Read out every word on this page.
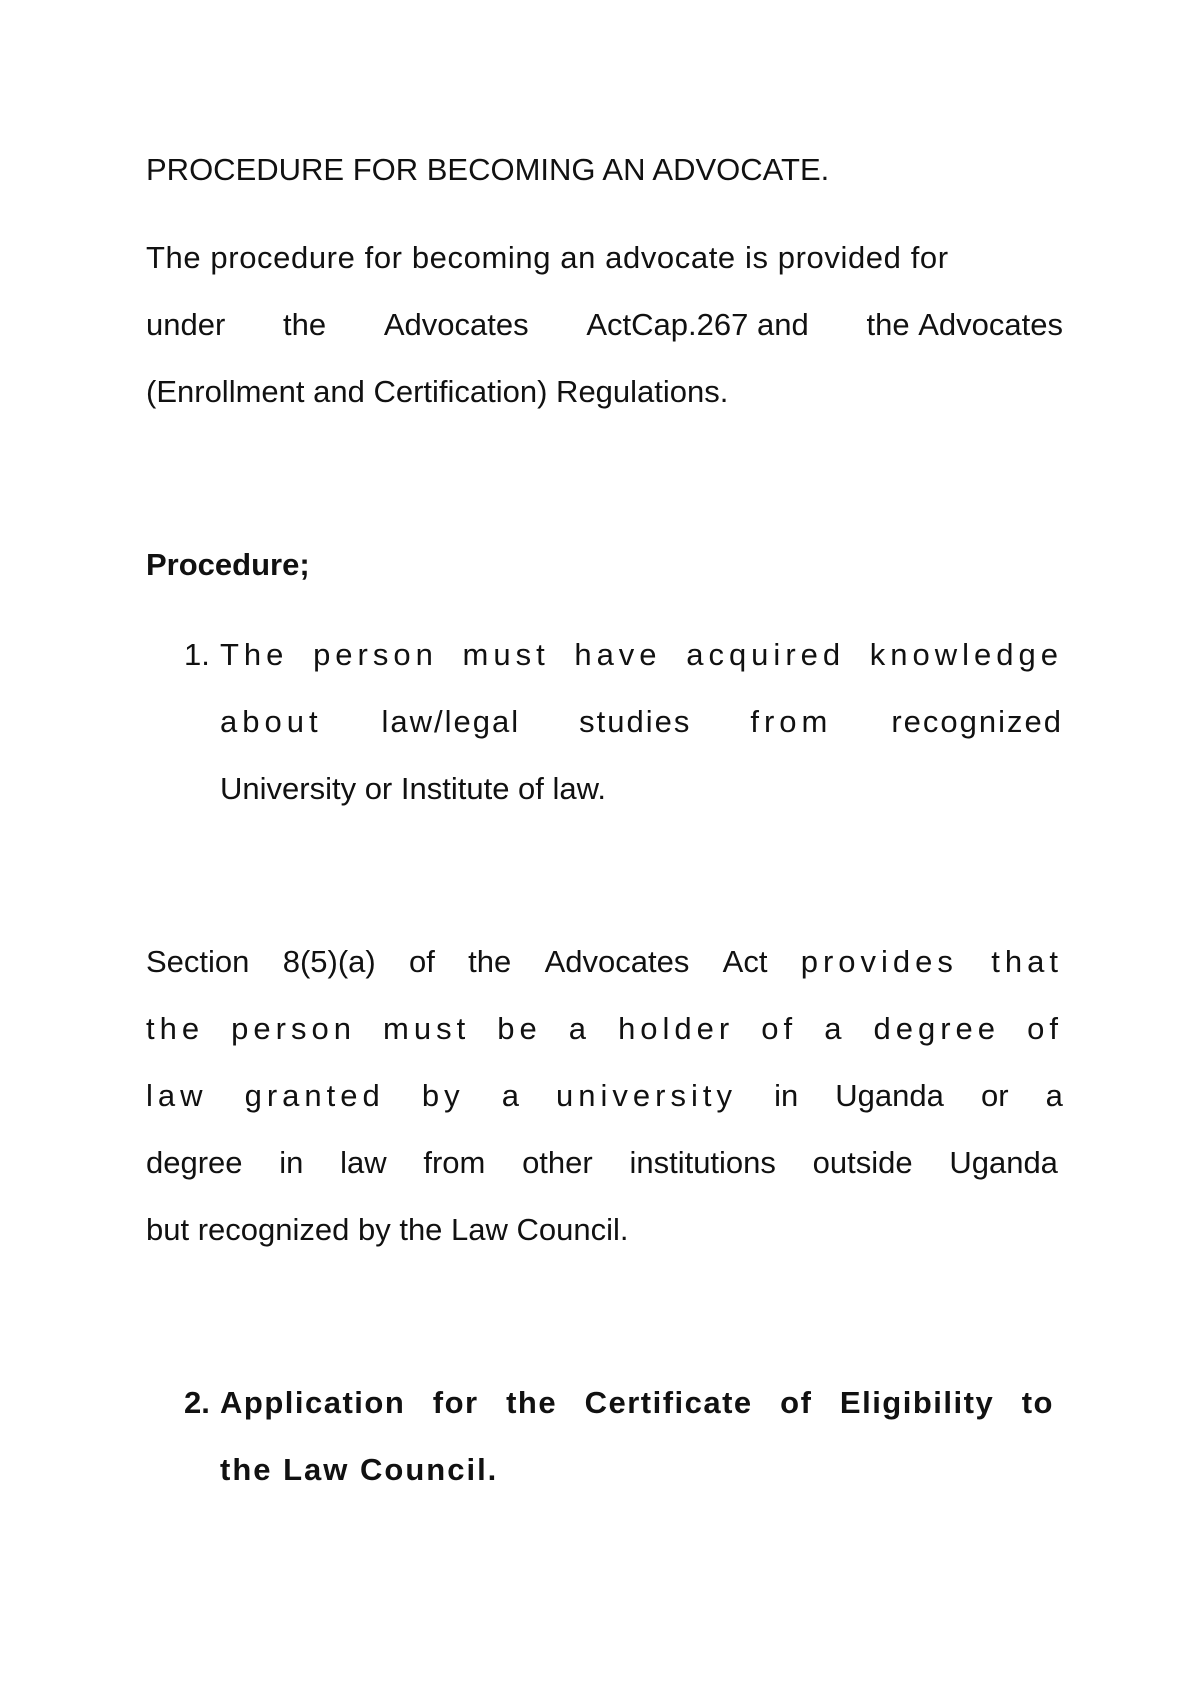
PROCEDURE FOR BECOMING AN ADVOCATE.
The procedure for becoming an advocate is provided for
under the Advocates ActCap.267 and the Advocates
(Enrollment and Certification) Regulations.
Procedure;
1. The person must have acquired knowledge
about law/legal studies from recognized
University or Institute of law.
Section 8(5)(a) of the Advocates Act provides that
the person must be a holder of a degree of
law granted by a university in Uganda or a
degree in law from other institutions outside Uganda
but recognized by the Law Council.
2. Application for the Certificate of Eligibility to
the Law Council.
